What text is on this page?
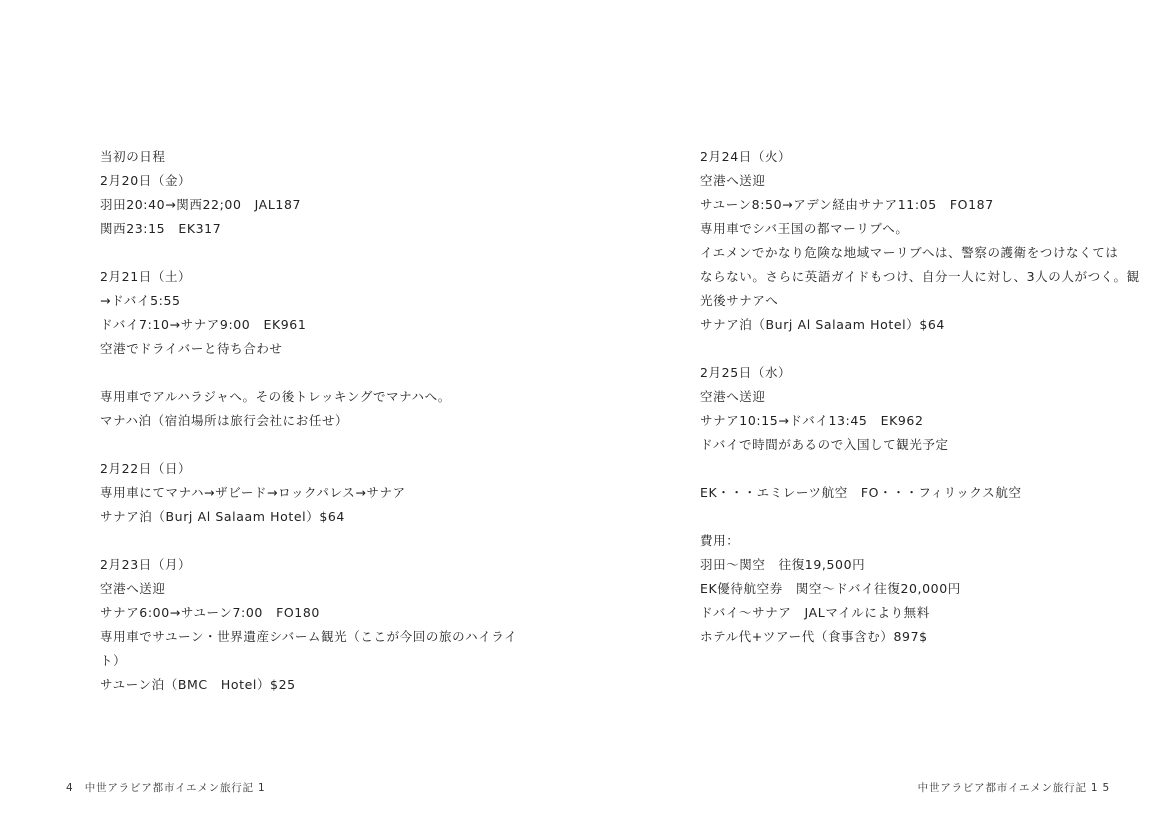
当初の日程
2月20日（金）
羽田20:40→関西22;00　JAL187
関西23:15　EK317
2月21日（土）
→ドバイ5:55
ドバイ7:10→サナア9:00　EK961
空港でドライバーと待ち合わせ
専用車でアルハラジャへ。その後トレッキングでマナハへ。
マナハ泊（宿泊場所は旅行会社にお任せ）
2月22日（日）
専用車にてマナハ→ザビード→ロックパレス→サナア
サナア泊（Burj Al Salaam Hotel）$64
2月23日（月）
空港へ送迎
サナア6:00→サユーン7:00　FO180
専用車でサユーン・世界遺産シバーム観光（ここが今回の旅のハイライ
ト）
サユーン泊（BMC　Hotel）$25
4　中世アラビア都市イエメン旅行記 1
2月24日（火）
空港へ送迎
サユーン8:50→アデン経由サナア11:05　FO187
専用車でシバ王国の都マーリブへ。
イエメンでかなり危険な地域マーリブへは、警察の護衛をつけなくては
ならない。さらに英語ガイドもつけ、自分一人に対し、3人の人がつく。観
光後サナアへ
サナア泊（Burj Al Salaam Hotel）$64
2月25日（水）
空港へ送迎
サナア10:15→ドバイ13:45　EK962
ドバイで時間があるので入国して観光予定
EK・・・エミレーツ航空　FO・・・フィリックス航空
費用：
羽田～関空　往復19,500円
EK優待航空券　関空～ドバイ往復20,000円
ドバイ～サナア　JALマイルにより無料
ホテル代+ツアー代（食事含む）897$
中世アラビア都市イエメン旅行記 1 5
